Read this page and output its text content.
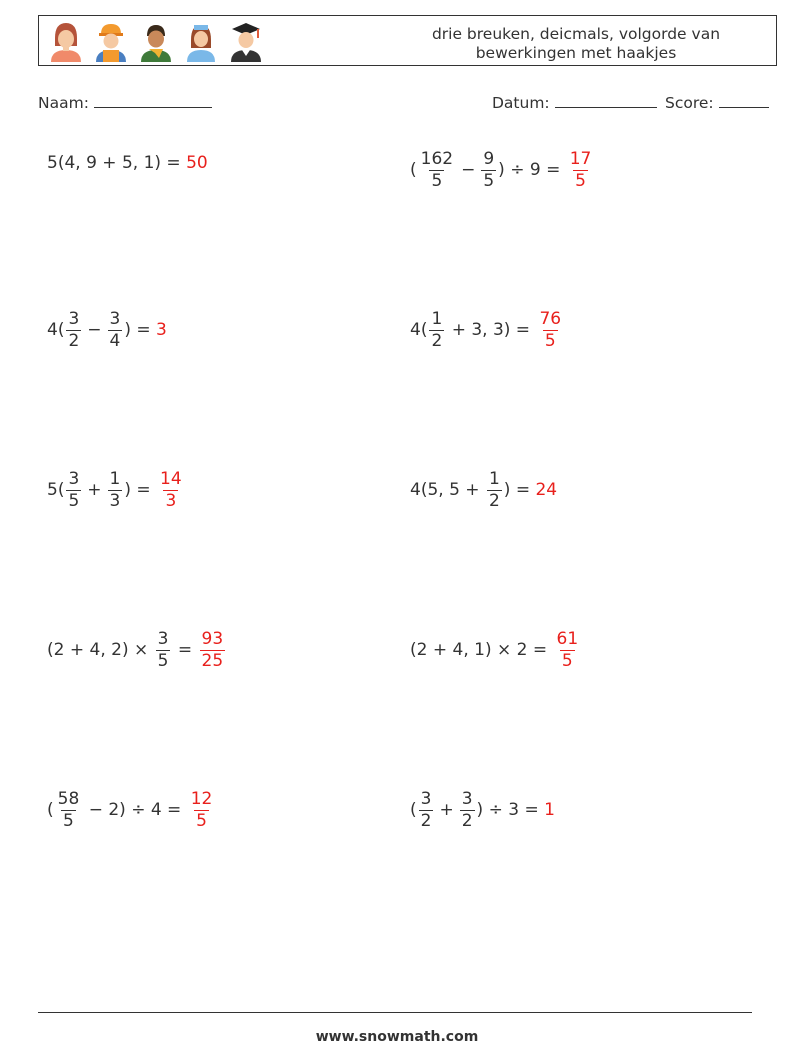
drie breuken, deicmals, volgorde van
bewerkingen met haakjes
Naam:	Datum:	Score:
5(4, 9 + 5, 1) =
50	( $\frac{162}{5} - \frac{9}{5}$ ) ÷ 9 =
$\frac{17}{5}$
$4( \frac{3}{2} - \frac{3}{4}$ ) =
3	$4( \frac{1}{2}$
+ 3, 3) =
$\frac{76}{5}$
$5( \frac{3}{5} + \frac{1}{3}$ ) =
$\frac{14}{3}$	4(5, 5 +
$\frac{1}{2}$ ) =
24
(2 + 4, 2) ×
$\frac{3}{5}$
=
$\frac{93}{25}$	(2 + 4, 1) × 2 =
$\frac{61}{5}$
( $\frac{58}{5}$
− 2) ÷ 4 =
$\frac{12}{5}$	( $\frac{3}{2} + \frac{3}{2}$ ) ÷ 3 =
1
www.snowmath.com
